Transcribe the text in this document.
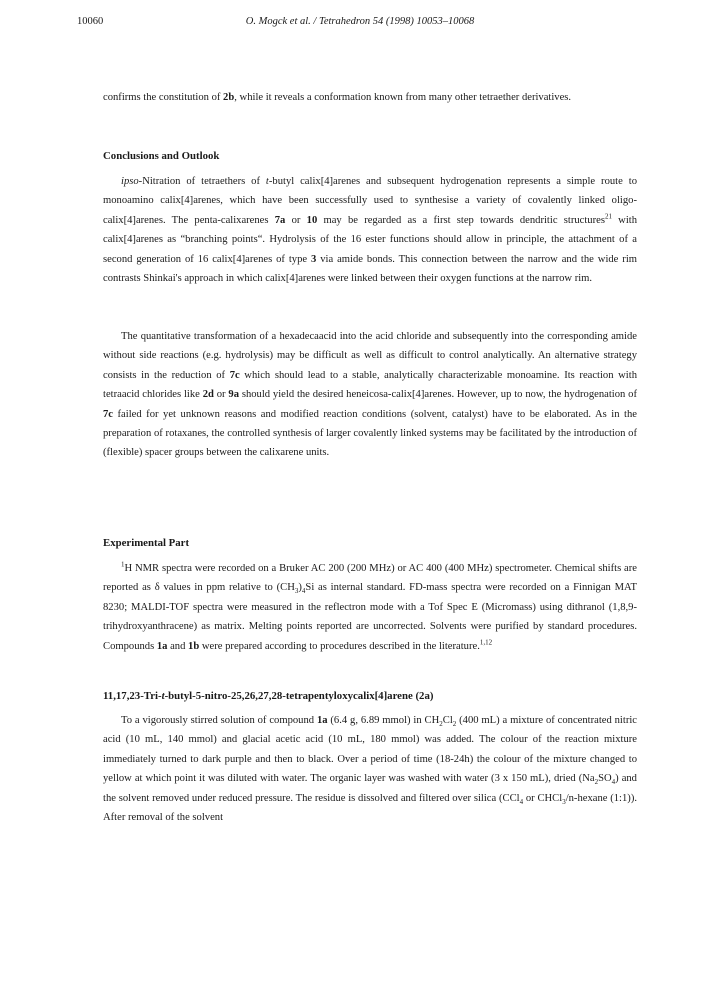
10060	O. Mogck et al. / Tetrahedron 54 (1998) 10053–10068

confirms the constitution of 2b, while it reveals a conformation known from many other tetraether derivatives.

Conclusions and Outlook

ipso-Nitration of tetraethers of t-butyl calix[4]arenes and subsequent hydrogenation represents a simple route to monoamino calix[4]arenes, which have been successfully used to synthesise a variety of covalently linked oligo-calix[4]arenes. The penta-calixarenes 7a or 10 may be regarded as a first step towards dendritic structures$^{21}$ with calix[4]arenes as “branching points“. Hydrolysis of the 16 ester functions should allow in principle, the attachment of a second generation of 16 calix[4]arenes of type 3 via amide bonds. This connection between the narrow and the wide rim contrasts Shinkai's approach in which calix[4]arenes were linked between their oxygen functions at the narrow rim.

The quantitative transformation of a hexadecaacid into the acid chloride and subsequently into the corresponding amide without side reactions (e.g. hydrolysis) may be difficult as well as difficult to control analytically. An alternative strategy consists in the reduction of 7c which should lead to a stable, analytically characterizable monoamine. Its reaction with tetraacid chlorides like 2d or 9a should yield the desired heneicosa-calix[4]arenes. However, up to now, the hydrogenation of 7c failed for yet unknown reasons and modified reaction conditions (solvent, catalyst) have to be elaborated. As in the preparation of rotaxanes, the controlled synthesis of larger covalently linked systems may be facilitated by the introduction of (flexible) spacer groups between the calixarene units.

Experimental Part

$^1$H NMR spectra were recorded on a Bruker AC 200 (200 MHz) or AC 400 (400 MHz) spectrometer. Chemical shifts are reported as δ values in ppm relative to $(CH_3)_4Si$ as internal standard. FD-mass spectra were recorded on a Finnigan MAT 8230; MALDI-TOF spectra were measured in the reflectron mode with a Tof Spec E (Micromass) using dithranol (1,8,9-trihydroxyanthracene) as matrix. Melting points reported are uncorrected. Solvents were purified by standard procedures. Compounds 1a and 1b were prepared according to procedures described in the literature.$^{1,12}$

11,17,23-Tri-t-butyl-5-nitro-25,26,27,28-tetrapentyloxycalix[4]arene (2a)

To a vigorously stirred solution of compound 1a (6.4 g, 6.89 mmol) in $CH_2Cl_2$ (400 mL) a mixture of concentrated nitric acid (10 mL, 140 mmol) and glacial acetic acid (10 mL, 180 mmol) was added. The colour of the reaction mixture immediately turned to dark purple and then to black. Over a period of time (18-24h) the colour of the mixture changed to yellow at which point it was diluted with water. The organic layer was washed with water (3 x 150 mL), dried $(Na_2SO_4)$ and the solvent removed under reduced pressure. The residue is dissolved and filtered over silica (CCl$_4$ or CHCl$_3$/n-hexane (1:1)). After removal of the solvent
